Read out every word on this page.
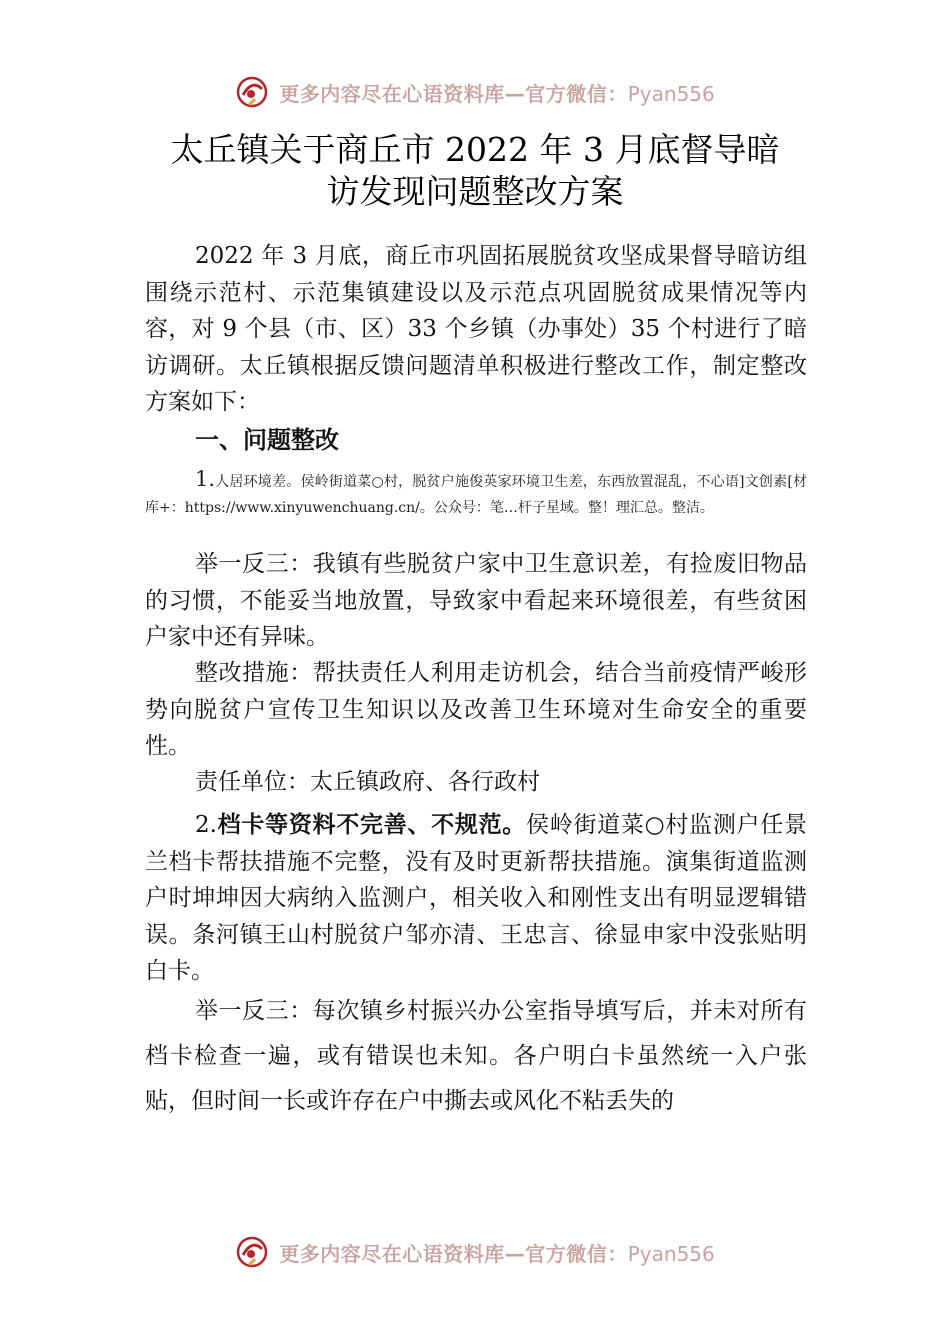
更多内容尽在心语资料库—官方微信：Pyan556
太丘镇关于商丘市 2022 年 3 月底督导暗
访发现问题整改方案

2022 年 3 月底，商丘市巩固拓展脱贫攻坚成果督导暗访组围绕示范村、示范集镇建设以及示范点巩固脱贫成果情况等内容，对 9 个县（市、区）33 个乡镇（办事处）35 个村进行了暗访调研。太丘镇根据反馈问题清单积极进行整改工作，制定整改方案如下：

一、问题整改

1.人居环境差。侯岭街道菜○村，脱贫户施俊英家环境卫生差，东西放置混乱，不心语]文创素[材库+：https://www.xinyuwenchuang.cn/。公众号：笔…杆子星域。整！理汇总。整洁。

举一反三：我镇有些脱贫户家中卫生意识差，有捡废旧物品的习惯，不能妥当地放置，导致家中看起来环境很差，有些贫困户家中还有异味。

整改措施：帮扶责任人利用走访机会，结合当前疫情严峻形势向脱贫户宣传卫生知识以及改善卫生环境对生命安全的重要性。

责任单位：太丘镇政府、各行政村

2.档卡等资料不完善、不规范。侯岭街道菜○村监测户任景兰档卡帮扶措施不完整，没有及时更新帮扶措施。演集街道监测户时坤坤因大病纳入监测户，相关收入和刚性支出有明显逻辑错误。条河镇王山村脱贫户邹亦清、王忠言、徐显申家中没张贴明白卡。

举一反三：每次镇乡村振兴办公室指导填写后，并未对所有档卡检查一遍，或有错误也未知。各户明白卡虽然统一入户张贴，但时间一长或许存在户中撕去或风化不粘丢失的

更多内容尽在心语资料库—官方微信：Pyan556
